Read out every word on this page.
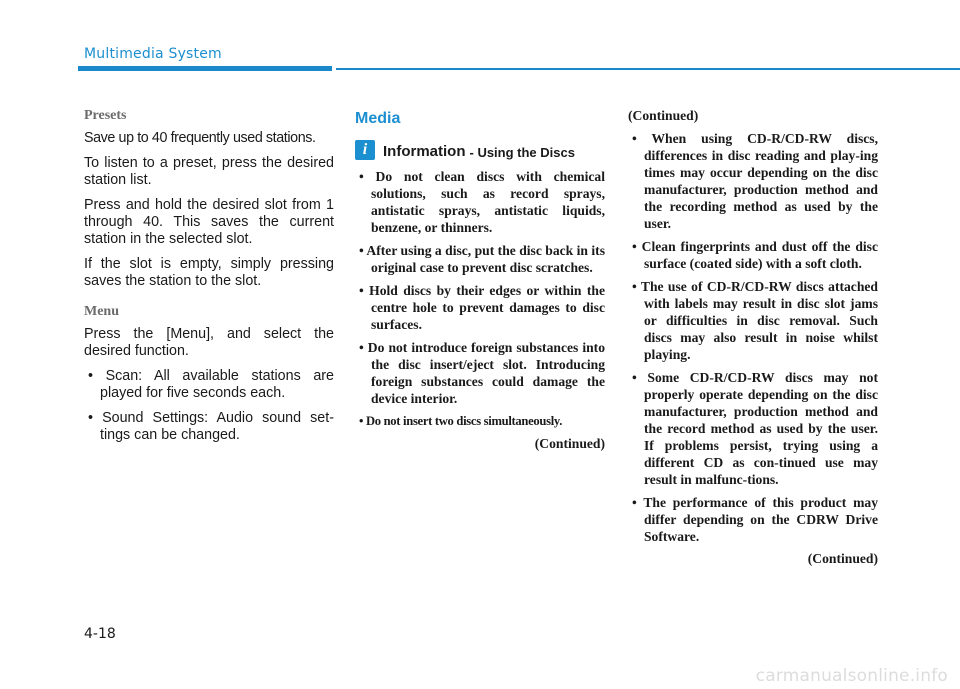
Multimedia System
Presets

Save up to 40 frequently used stations.

To listen to a preset, press the desired station list.

Press and hold the desired slot from 1 through 40. This saves the current station in the selected slot.

If the slot is empty, simply pressing saves the station to the slot.

Menu

Press the [Menu], and select the desired function.

• Scan: All available stations are played for five seconds each.
• Sound Settings: Audio sound set-tings can be changed.
Media
i	Information - Using the Discs
• Do not clean discs with chemical solutions, such as record sprays, antistatic sprays, antistatic liquids, benzene, or thinners.
• After using a disc, put the disc back in its original case to prevent disc scratches.
• Hold discs by their edges or within the centre hole to prevent damages to disc surfaces.
• Do not introduce foreign substances into the disc insert/eject slot. Introducing foreign substances could damage the device interior.
• Do not insert two discs simultaneously.
(Continued)
(Continued)
• When using CD-R/CD-RW discs, differences in disc reading and play-ing times may occur depending on the disc manufacturer, production method and the recording method as used by the user.
• Clean fingerprints and dust off the disc surface (coated side) with a soft cloth.
• The use of CD-R/CD-RW discs attached with labels may result in disc slot jams or difficulties in disc removal. Such discs may also result in noise whilst playing.
• Some CD-R/CD-RW discs may not properly operate depending on the disc manufacturer, production method and the record method as used by the user. If problems persist, trying using a different CD as con-tinued use may result in malfunc-tions.
• The performance of this product may differ depending on the CDRW Drive Software.
(Continued)
4-18
carmanualsonline.info
